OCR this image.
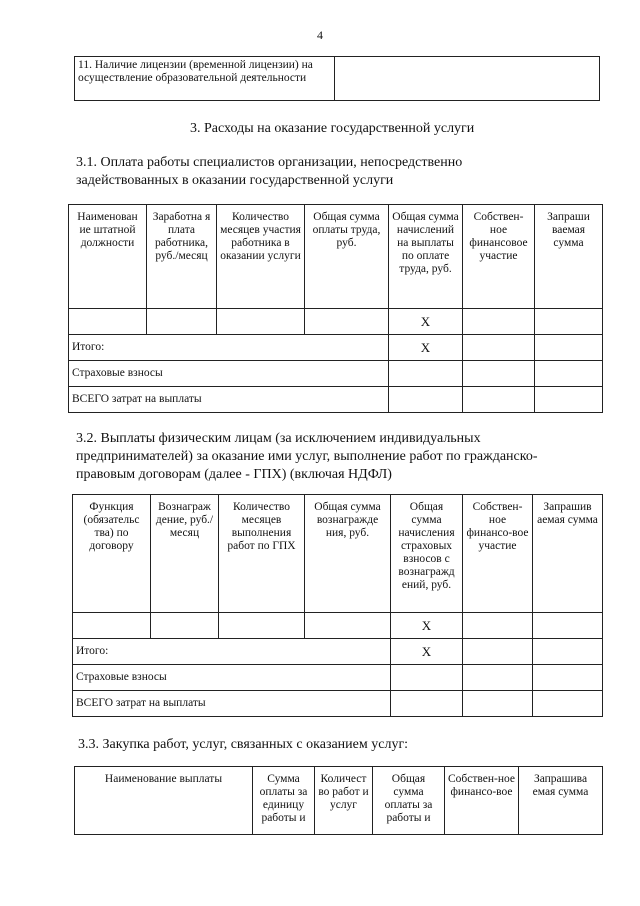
4
11. Наличие лицензии (временной лицензии) на осуществление образовательной деятельности	
3. Расходы на оказание государственной услуги
3.1. Оплата работы специалистов организации, непосредственно
задействованных в оказании государственной услуги
Наименован ие штатной должности	Заработна я плата работника, руб./месяц	Количество месяцев участия работника в оказании услуги	Общая сумма оплаты труда, руб.	Общая сумма начислений на выплаты по оплате труда, руб.	Собствен-ное финансовое участие	Запраши ваемая сумма
				Х		
Итого:				Х		
Страховые взносы						
ВСЕГО затрат на выплаты						
3.2. Выплаты физическим лицам (за исключением индивидуальных
предпринимателей) за оказание ими услуг, выполнение работ по гражданско-
правовым договорам (далее - ГПХ) (включая НДФЛ)
Функция (обязательс тва) по договору	Вознаграж дение, руб./месяц	Количество месяцев выполнения работ по ГПХ	Общая сумма вознагражде ния, руб.	Общая сумма начисления страховых взносов с вознагражд ений, руб.	Собствен-ное финансо-вое участие	Запрашив аемая сумма
				Х		
Итого:				Х		
Страховые взносы						
ВСЕГО затрат на выплаты						
3.3. Закупка работ, услуг, связанных с оказанием услуг:
Наименование выплаты	Сумма оплаты за единицу работы и	Количест во работ и услуг	Общая сумма оплаты за работы и	Собствен-ное финансо-вое	Запрашива емая сумма
